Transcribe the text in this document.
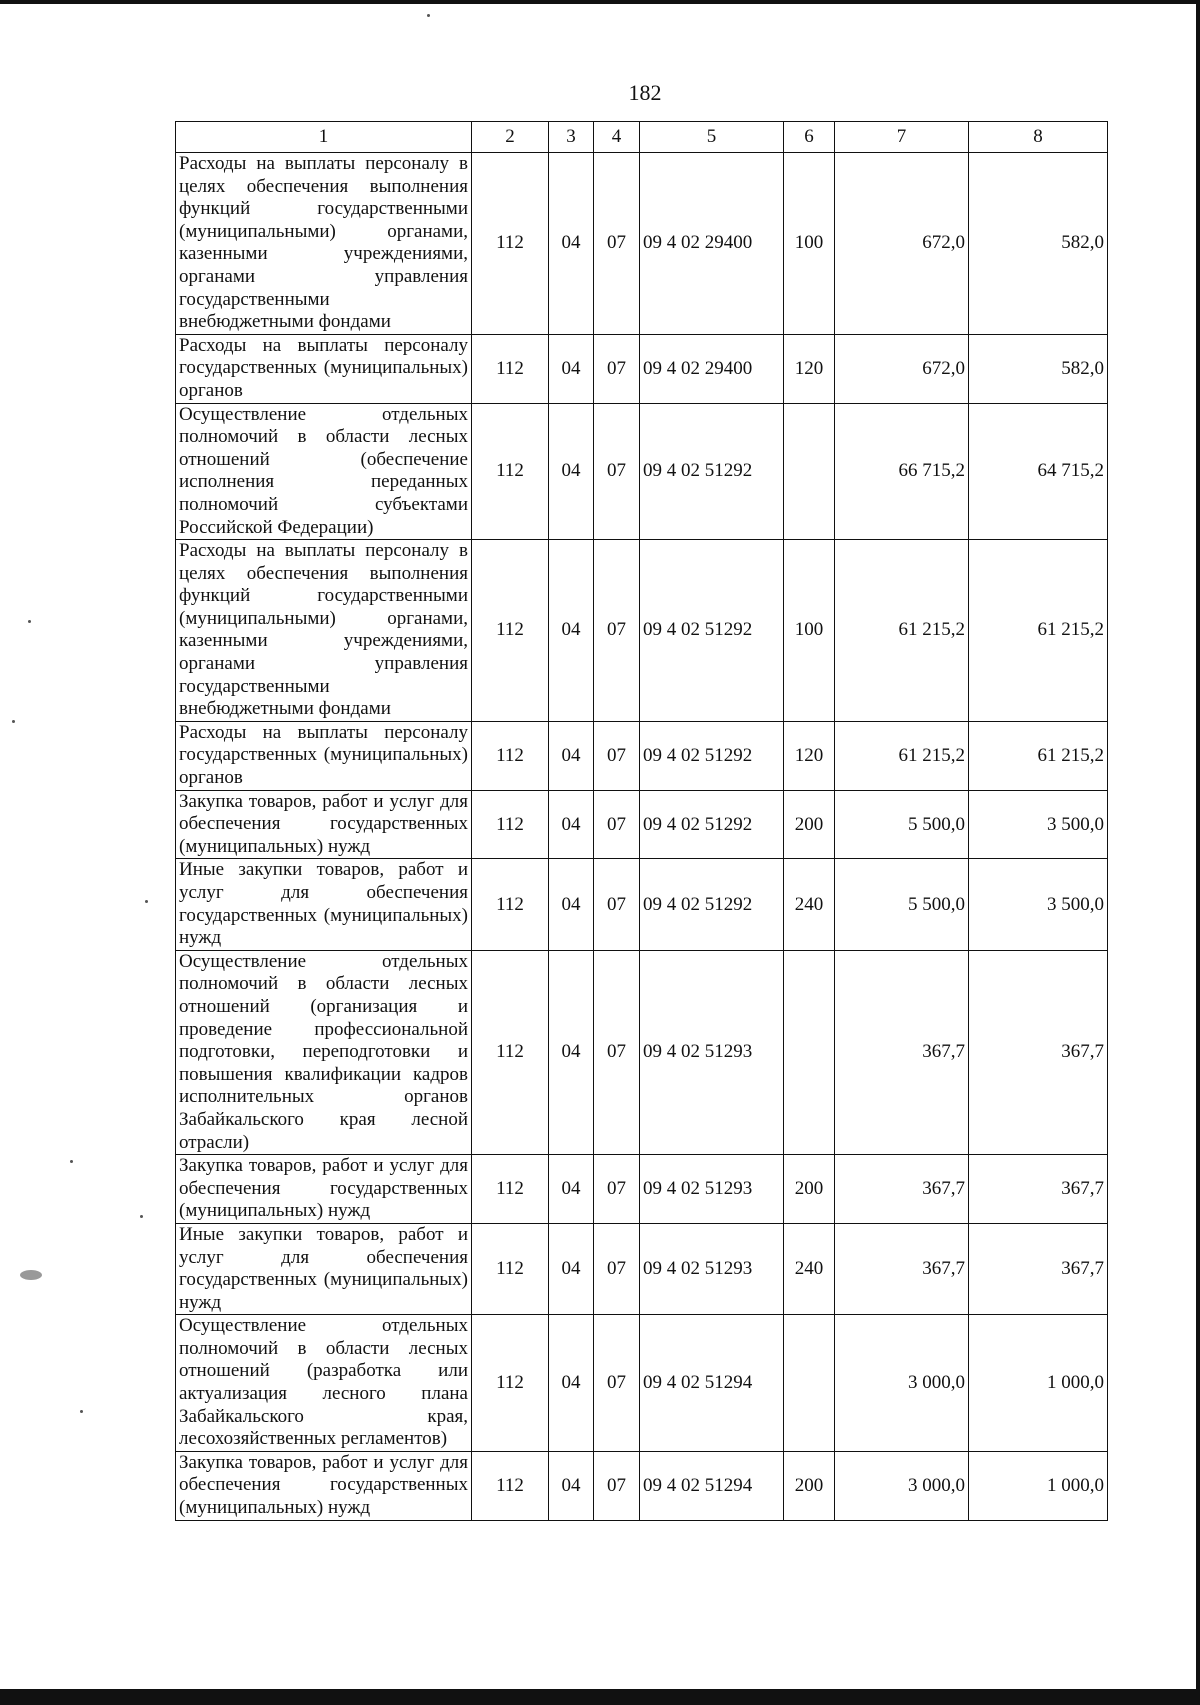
182
1	2	3	4	5	6	7	8
Расходы на выплаты персоналу в целях обеспечения выполнения функций государственными (муниципальными) органами, казенными учреждениями, органами управления государственными внебюджетными фондами	112	04	07	09 4 02 29400	100	672,0	582,0
Расходы на выплаты персоналу государственных (муниципальных) органов	112	04	07	09 4 02 29400	120	672,0	582,0
Осуществление отдельных полномочий в области лесных отношений (обеспечение исполнения переданных полномочий субъектами Российской Федерации)	112	04	07	09 4 02 51292		66 715,2	64 715,2
Расходы на выплаты персоналу в целях обеспечения выполнения функций государственными (муниципальными) органами, казенными учреждениями, органами управления государственными внебюджетными фондами	112	04	07	09 4 02 51292	100	61 215,2	61 215,2
Расходы на выплаты персоналу государственных (муниципальных) органов	112	04	07	09 4 02 51292	120	61 215,2	61 215,2
Закупка товаров, работ и услуг для обеспечения государственных (муниципальных) нужд	112	04	07	09 4 02 51292	200	5 500,0	3 500,0
Иные закупки товаров, работ и услуг для обеспечения государственных (муниципальных) нужд	112	04	07	09 4 02 51292	240	5 500,0	3 500,0
Осуществление отдельных полномочий в области лесных отношений (организация и проведение профессиональной подготовки, переподготовки и повышения квалификации кадров исполнительных органов Забайкальского края лесной отрасли)	112	04	07	09 4 02 51293		367,7	367,7
Закупка товаров, работ и услуг для обеспечения государственных (муниципальных) нужд	112	04	07	09 4 02 51293	200	367,7	367,7
Иные закупки товаров, работ и услуг для обеспечения государственных (муниципальных) нужд	112	04	07	09 4 02 51293	240	367,7	367,7
Осуществление отдельных полномочий в области лесных отношений (разработка или актуализация лесного плана Забайкальского края, лесохозяйственных регламентов)	112	04	07	09 4 02 51294		3 000,0	1 000,0
Закупка товаров, работ и услуг для обеспечения государственных (муниципальных) нужд	112	04	07	09 4 02 51294	200	3 000,0	1 000,0
